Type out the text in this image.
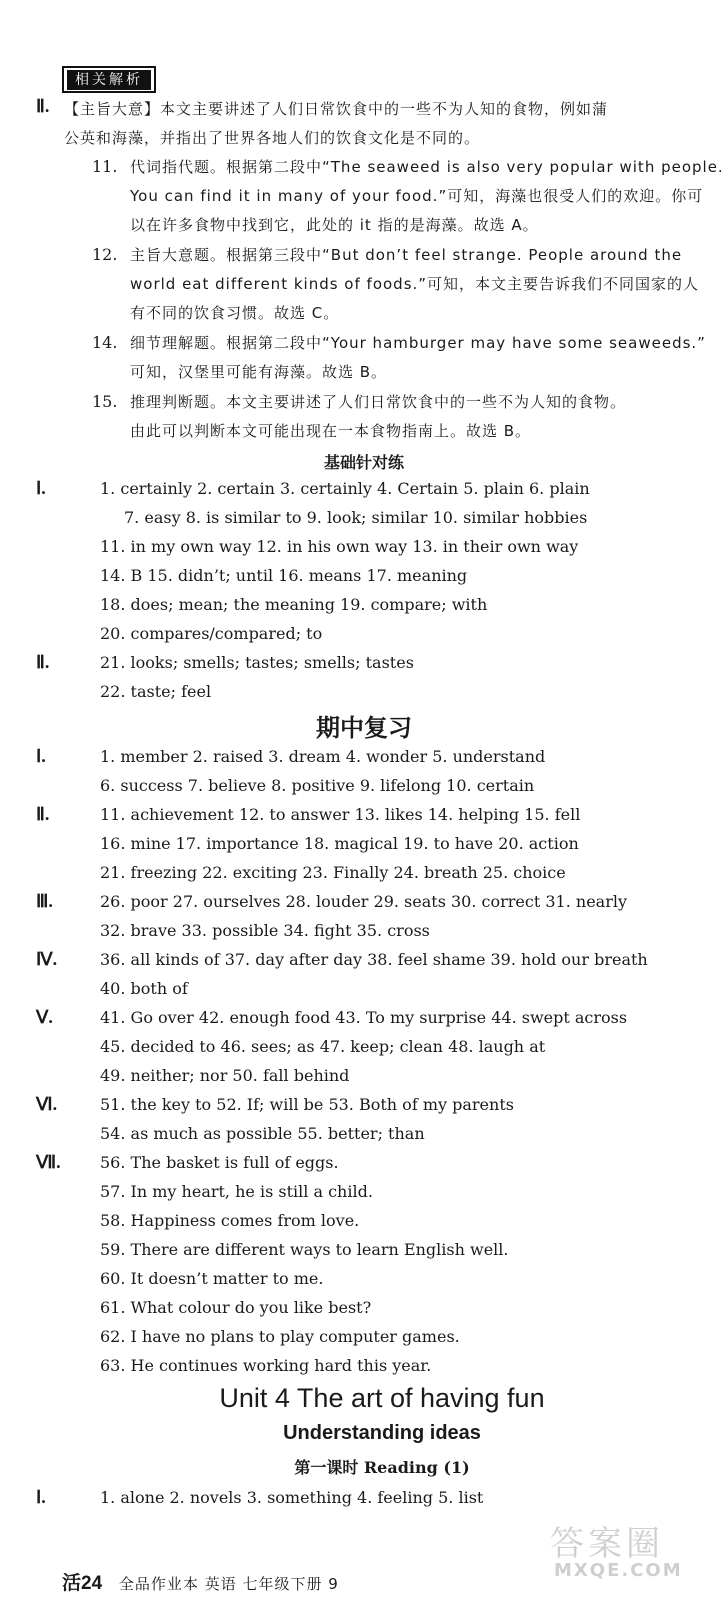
相关解析
Ⅱ. 【主旨大意】本文主要讲述了人们日常饮食中的一些不为人知的食物，例如蒲
公英和海藻，并指出了世界各地人们的饮食文化是不同的。
11. 代词指代题。根据第二段中“The seaweed is also very popular with people.
You can find it in many of your food.”可知，海藻也很受人们的欢迎。你可
以在许多食物中找到它，此处的 it 指的是海藻。故选 A。
12. 主旨大意题。根据第三段中“But don’t feel strange. People around the
world eat different kinds of foods.”可知，本文主要告诉我们不同国家的人
有不同的饮食习惯。故选 C。
14. 细节理解题。根据第二段中“Your hamburger may have some seaweeds.”
可知，汉堡里可能有海藻。故选 B。
15. 推理判断题。本文主要讲述了人们日常饮食中的一些不为人知的食物。
由此可以判断本文可能出现在一本食物指南上。故选 B。
基础针对练
Ⅰ.	1. certainly 2. certain 3. certainly 4. Certain 5. plain 6. plain
7. easy 8. is similar to 9. look; similar 10. similar hobbies
11. in my own way 12. in his own way 13. in their own way
14. B 15. didn’t; until 16. means 17. meaning
18. does; mean; the meaning 19. compare; with
20. compares/compared; to
Ⅱ.	21. looks; smells; tastes; smells; tastes
22. taste; feel
期中复习
Ⅰ.	1. member 2. raised 3. dream 4. wonder 5. understand
6. success 7. believe 8. positive 9. lifelong 10. certain
Ⅱ.	11. achievement 12. to answer 13. likes 14. helping 15. fell
16. mine 17. importance 18. magical 19. to have 20. action
21. freezing 22. exciting 23. Finally 24. breath 25. choice
Ⅲ.	26. poor 27. ourselves 28. louder 29. seats 30. correct 31. nearly
32. brave 33. possible 34. fight 35. cross
Ⅳ.	36. all kinds of 37. day after day 38. feel shame 39. hold our breath
40. both of
Ⅴ.	41. Go over 42. enough food 43. To my surprise 44. swept across
45. decided to 46. sees; as 47. keep; clean 48. laugh at
49. neither; nor 50. fall behind
Ⅵ.	51. the key to 52. If; will be 53. Both of my parents
54. as much as possible 55. better; than
Ⅶ. 56. The basket is full of eggs.
57. In my heart, he is still a child.
58. Happiness comes from love.
59. There are different ways to learn English well.
60. It doesn’t matter to me.
61. What colour do you like best?
62. I have no plans to play computer games.
63. He continues working hard this year.
Unit 4 The art of having fun
Understanding ideas
第一课时 Reading (1)
Ⅰ.	1. alone 2. novels 3. something 4. feeling 5. list
活24 全品作业本 英语 七年级下册 9
答案圈
MXQE.COM
